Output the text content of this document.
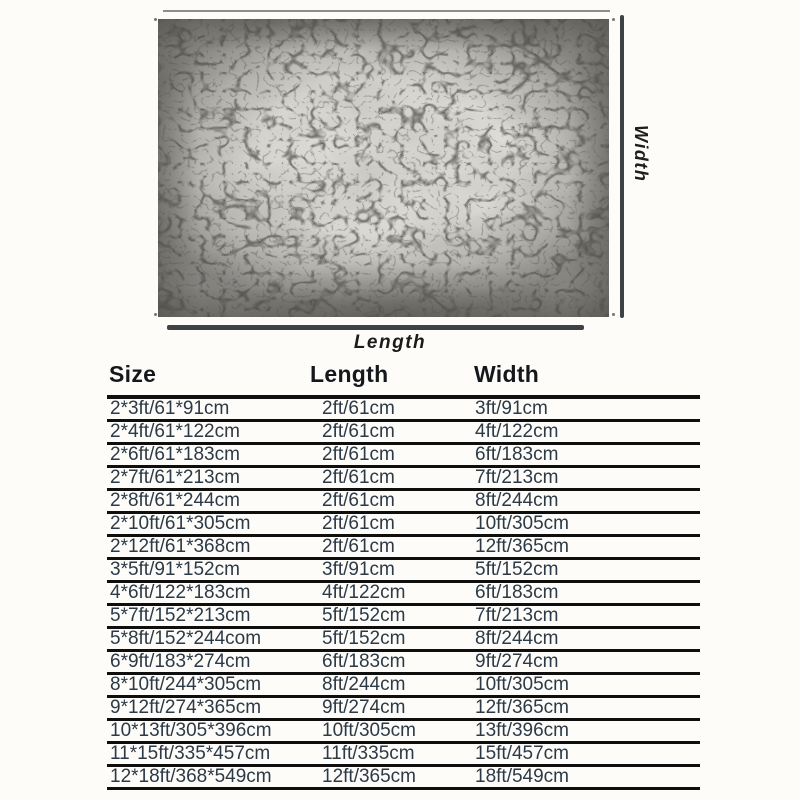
Width
Length
Size	Length	Width
2*3ft/61*91cm	2ft/61cm	3ft/91cm
2*4ft/61*122cm	2ft/61cm	4ft/122cm
2*6ft/61*183cm	2ft/61cm	6ft/183cm
2*7ft/61*213cm	2ft/61cm	7ft/213cm
2*8ft/61*244cm	2ft/61cm	8ft/244cm
2*10ft/61*305cm	2ft/61cm	10ft/305cm
2*12ft/61*368cm	2ft/61cm	12ft/365cm
3*5ft/91*152cm	3ft/91cm	5ft/152cm
4*6ft/122*183cm	4ft/122cm	6ft/183cm
5*7ft/152*213cm	5ft/152cm	7ft/213cm
5*8ft/152*244com	5ft/152cm	8ft/244cm
6*9ft/183*274cm	6ft/183cm	9ft/274cm
8*10ft/244*305cm	8ft/244cm	10ft/305cm
9*12ft/274*365cm	9ft/274cm	12ft/365cm
10*13ft/305*396cm	10ft/305cm	13ft/396cm
11*15ft/335*457cm	11ft/335cm	15ft/457cm
12*18ft/368*549cm	12ft/365cm	18ft/549cm
